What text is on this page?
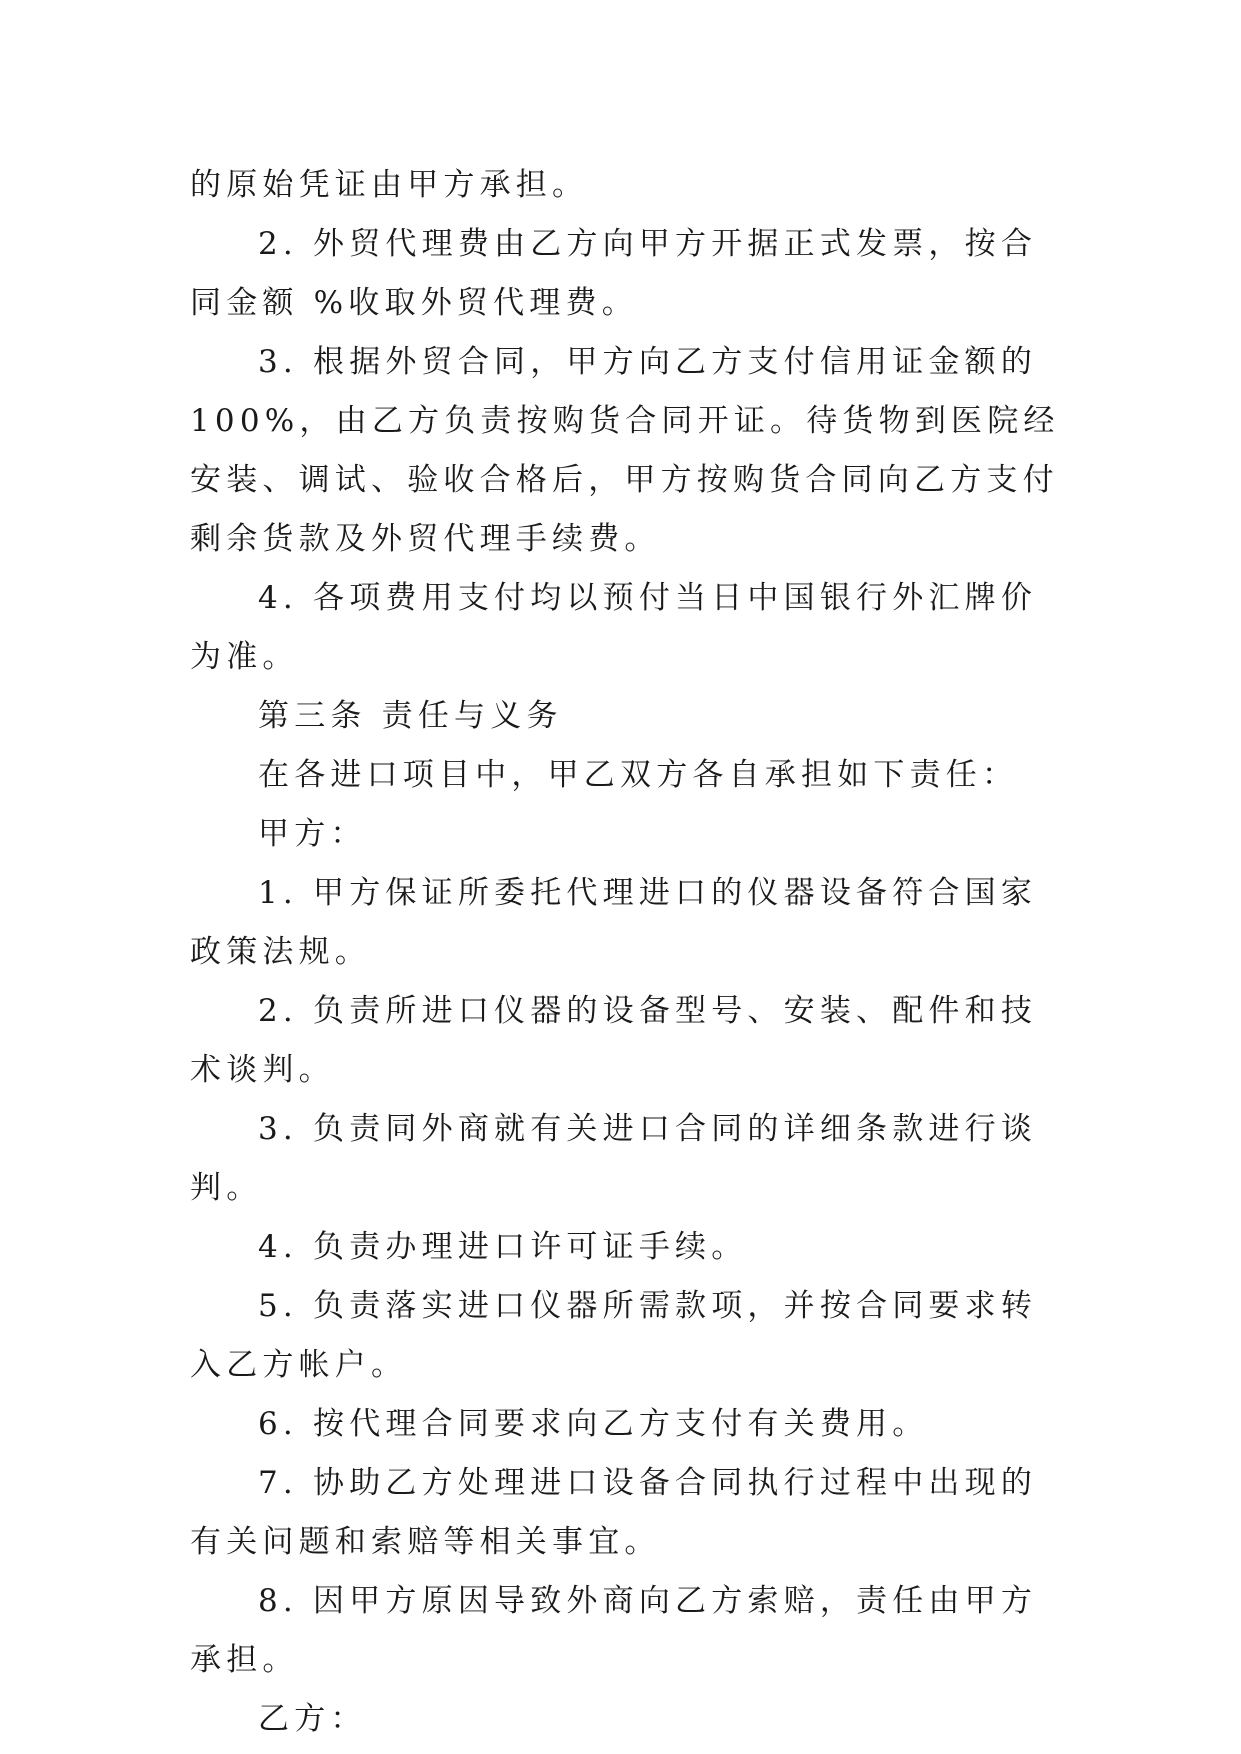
的原始凭证由甲方承担。

2. 外贸代理费由乙方向甲方开据正式发票，按合同金额 %收取外贸代理费。

3. 根据外贸合同，甲方向乙方支付信用证金额的100%，由乙方负责按购货合同开证。待货物到医院经安装、调试、验收合格后，甲方按购货合同向乙方支付剩余货款及外贸代理手续费。

4. 各项费用支付均以预付当日中国银行外汇牌价为准。

第三条 责任与义务

在各进口项目中，甲乙双方各自承担如下责任：

甲方：

1. 甲方保证所委托代理进口的仪器设备符合国家政策法规。

2. 负责所进口仪器的设备型号、安装、配件和技术谈判。

3. 负责同外商就有关进口合同的详细条款进行谈判。

4. 负责办理进口许可证手续。

5. 负责落实进口仪器所需款项，并按合同要求转入乙方帐户。

6. 按代理合同要求向乙方支付有关费用。

7. 协助乙方处理进口设备合同执行过程中出现的有关问题和索赔等相关事宜。

8. 因甲方原因导致外商向乙方索赔，责任由甲方承担。

乙方：
